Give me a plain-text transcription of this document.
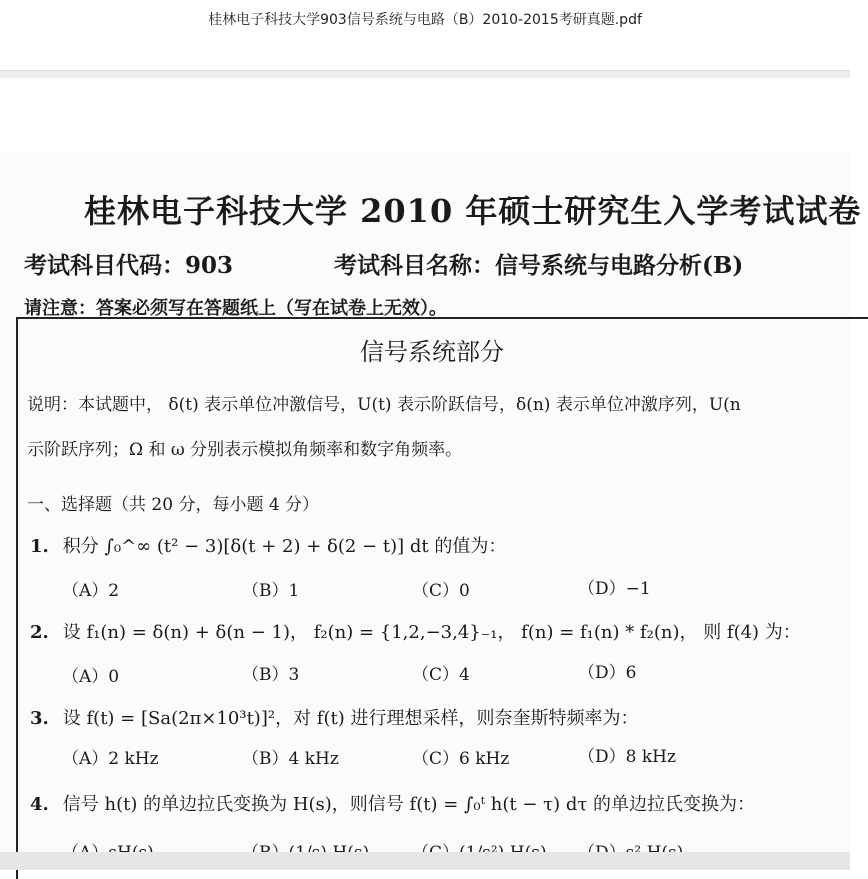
桂林电子科技大学903信号系统与电路（B）2010-2015考研真题.pdf
桂林电子科技大学 2010 年硕士研究生入学考试试卷
考试科目代码：903	考试科目名称：信号系统与电路分析(B)
请注意：答案必须写在答题纸上（写在试卷上无效）。
信号系统部分
说明：本试题中， δ(t) 表示单位冲激信号，U(t) 表示阶跃信号，δ(n) 表示单位冲激序列，U(n
示阶跃序列；Ω 和 ω 分别表示模拟角频率和数字角频率。
一、选择题（共 20 分，每小题 4 分）
1. 积分 ∫₀^∞ (t² − 3)[δ(t + 2) + δ(2 − t)] dt 的值为：
（A）2	（B）1	（C）0	（D）−1
2. 设 f₁(n) = δ(n) + δ(n − 1)， f₂(n) = {1,2,−3,4}₋₁， f(n) = f₁(n) * f₂(n)， 则 f(4) 为：
（A）0	（B）3	（C）4	（D）6
3. 设 f(t) = [Sa(2π×10³t)]²，对 f(t) 进行理想采样，则奈奎斯特频率为：
（A）2 kHz	（B）4 kHz	（C）6 kHz	（D）8 kHz
4. 信号 h(t) 的单边拉氏变换为 H(s)，则信号 f(t) = ∫₀ᵗ h(t − τ) dτ 的单边拉氏变换为：
